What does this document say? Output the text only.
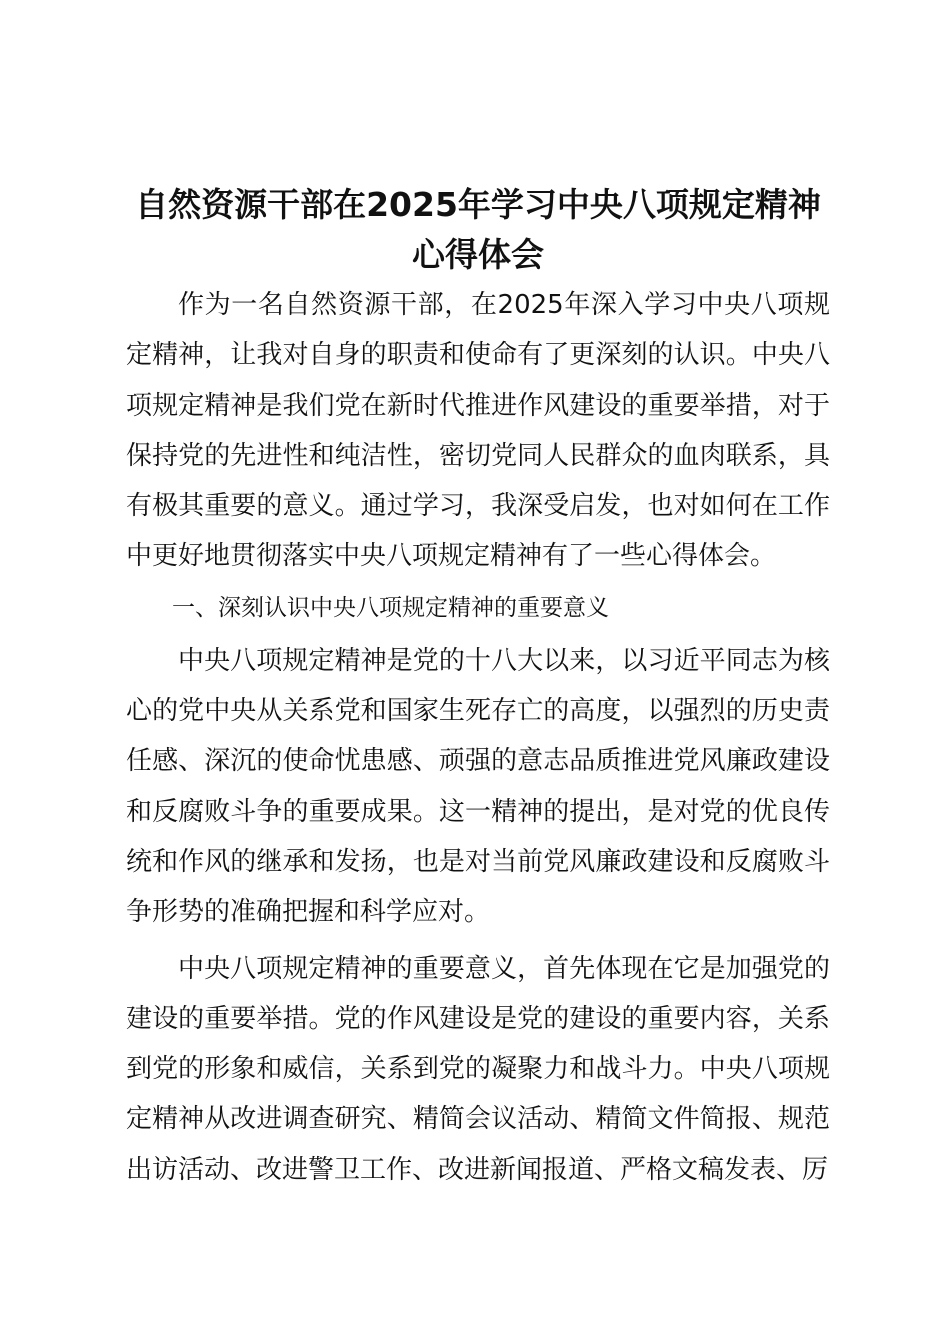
自然资源干部在2025年学习中央八项规定精神心得体会

作为一名自然资源干部，在2025年深入学习中央八项规定精神，让我对自身的职责和使命有了更深刻的认识。中央八项规定精神是我们党在新时代推进作风建设的重要举措，对于保持党的先进性和纯洁性，密切党同人民群众的血肉联系，具有极其重要的意义。通过学习，我深受启发，也对如何在工作中更好地贯彻落实中央八项规定精神有了一些心得体会。

一、深刻认识中央八项规定精神的重要意义

中央八项规定精神是党的十八大以来，以习近平同志为核心的党中央从关系党和国家生死存亡的高度，以强烈的历史责任感、深沉的使命忧患感、顽强的意志品质推进党风廉政建设和反腐败斗争的重要成果。这一精神的提出，是对党的优良传统和作风的继承和发扬，也是对当前党风廉政建设和反腐败斗争形势的准确把握和科学应对。

中央八项规定精神的重要意义，首先体现在它是加强党的建设的重要举措。党的作风建设是党的建设的重要内容，关系到党的形象和威信，关系到党的凝聚力和战斗力。中央八项规定精神从改进调查研究、精简会议活动、精简文件简报、规范出访活动、改进警卫工作、改进新闻报道、严格文稿发表、厉
